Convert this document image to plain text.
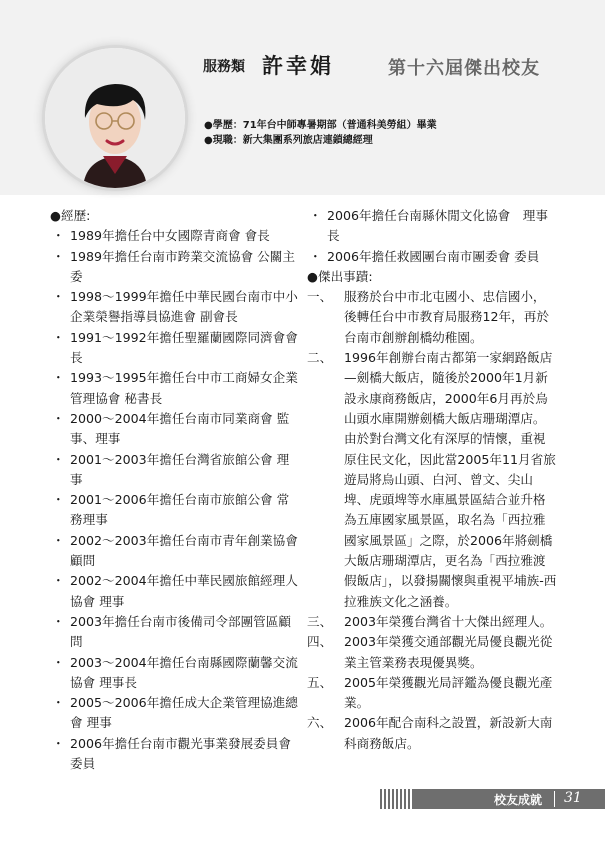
服務類 許幸娟	第十六屆傑出校友
●學歷：71年台中師專暑期部（普通科美勞組）畢業
●現職：新大集團系列旅店連鎖總經理
●經歷:
・ 1989年擔任台中女國際青商會 會長
・ 1989年擔任台南市跨業交流協會 公關主委
・ 1998～1999年擔任中華民國台南市中小企業榮譽指導員協進會 副會長
・ 1991～1992年擔任聖羅蘭國際同濟會會長
・ 1993～1995年擔任台中市工商婦女企業管理協會 秘書長
・ 2000～2004年擔任台南市同業商會 監事、理事
・ 2001～2003年擔任台灣省旅館公會 理事
・ 2001～2006年擔任台南市旅館公會 常務理事
・ 2002～2003年擔任台南市青年創業協會顧問
・ 2002～2004年擔任中華民國旅館經理人協會 理事
・ 2003年擔任台南市後備司令部團管區顧問
・ 2003～2004年擔任台南縣國際蘭馨交流協會 理事長
・ 2005～2006年擔任成大企業管理協進總會 理事
・ 2006年擔任台南市觀光事業發展委員會委員
・ 2006年擔任台南縣休閒文化協會　理事長
・ 2006年擔任救國團台南市團委會 委員
●傑出事蹟:
一、 服務於台中市北屯國小、忠信國小，後轉任台中市教育局服務12年，再於台南市創辦創橋幼稚園。
二、 1996年創辦台南古都第一家網路飯店—劍橋大飯店，隨後於2000年1月新設永康商務飯店，2000年6月再於烏山頭水庫開辦劍橋大飯店珊瑚潭店。由於對台灣文化有深厚的情懷，重視原住民文化，因此當2005年11月省旅遊局將烏山頭、白河、曾文、尖山埤、虎頭埤等水庫風景區結合並升格為五庫國家風景區，取名為「西拉雅國家風景區」之際，於2006年將劍橋大飯店珊瑚潭店，更名為「西拉雅渡假飯店」，以發揚關懷與重視平埔族-西拉雅族文化之涵養。
三、 2003年榮獲台灣省十大傑出經理人。
四、 2003年榮獲交通部觀光局優良觀光從業主管業務表現優異獎。
五、 2005年榮獲觀光局評鑑為優良觀光產業。
六、 2006年配合南科之設置，新設新大南科商務飯店。
校友成就 31
